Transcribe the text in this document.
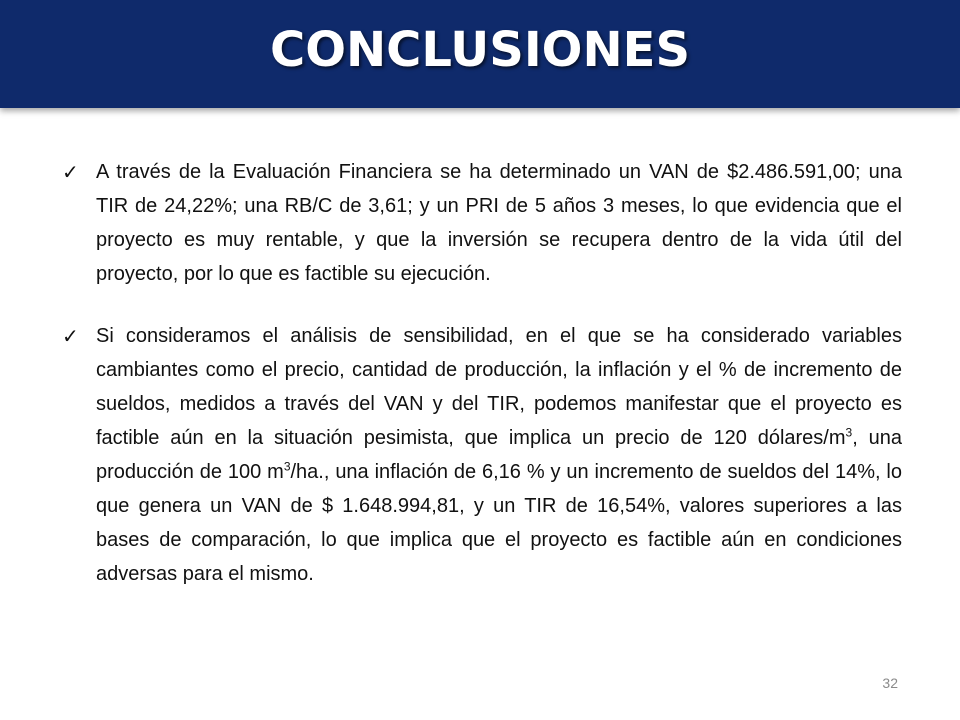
CONCLUSIONES
✓ A través de la Evaluación Financiera se ha determinado un VAN de $2.486.591,00; una TIR de 24,22%; una RB/C de 3,61; y un PRI de 5 años 3 meses, lo que evidencia que el proyecto es muy rentable, y que la inversión se recupera dentro de la vida útil del proyecto, por lo que es factible su ejecución.
✓ Si consideramos el análisis de sensibilidad, en el que se ha considerado variables cambiantes como el precio, cantidad de producción, la inflación y el % de incremento de sueldos, medidos a través del VAN y del TIR, podemos manifestar que el proyecto es factible aún en la situación pesimista, que implica un precio de 120 dólares/$m^3$, una producción de 100 $m^3/ha$., una inflación de 6,16 % y un incremento de sueldos del 14%, lo que genera un VAN de $ 1.648.994,81, y un TIR de 16,54%, valores superiores a las bases de comparación, lo que implica que el proyecto es factible aún en condiciones adversas para el mismo.
32
